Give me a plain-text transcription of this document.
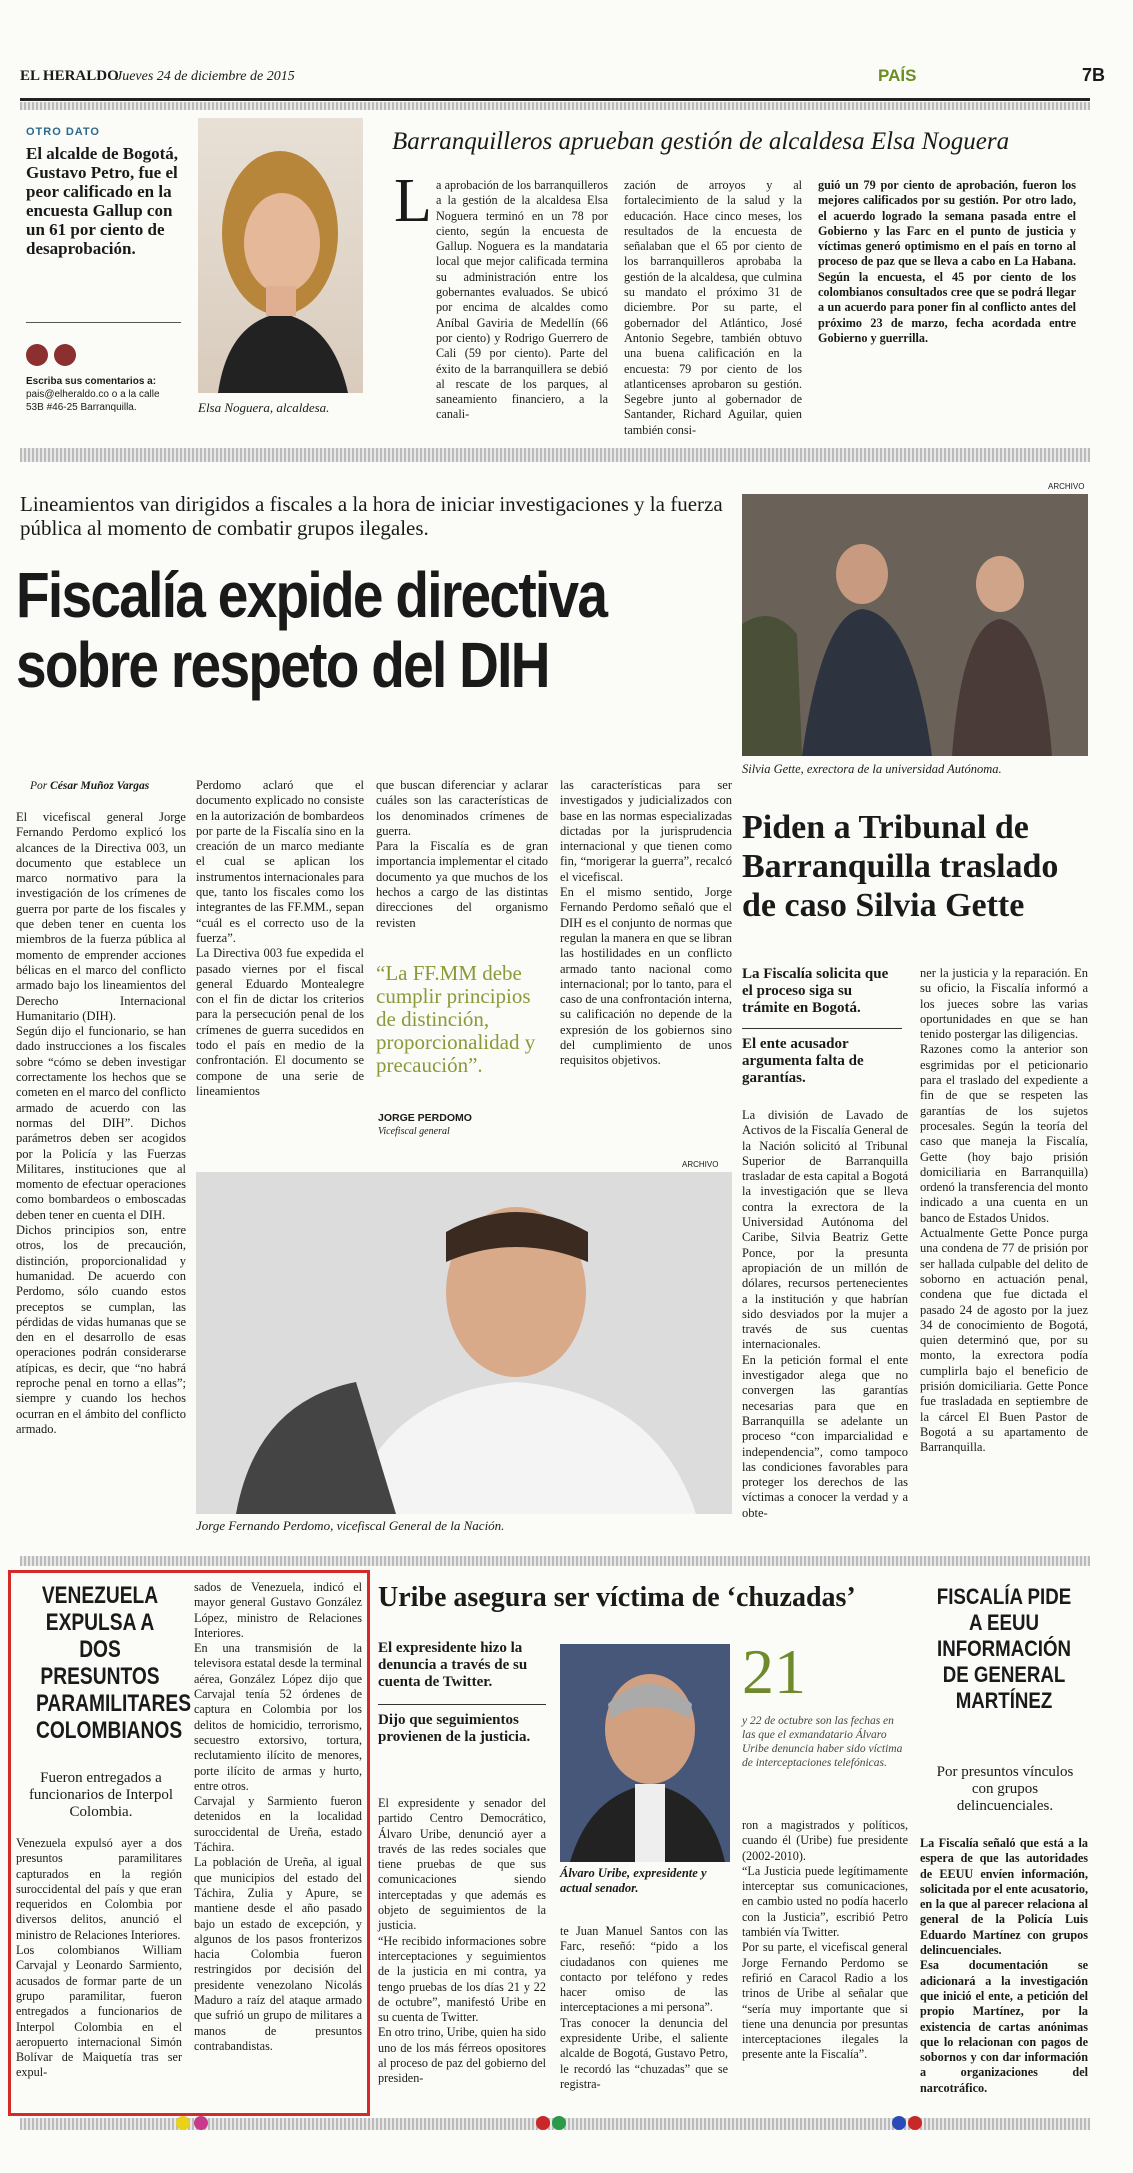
EL HERALDO
Jueves 24 de diciembre de 2015	PAÍS	7B
OTRO DATO
El alcalde de Bogotá, Gustavo Petro, fue el peor calificado en la encuesta Gallup con un 61 por ciento de desaprobación.
Escriba sus comentarios a:
pais@elheraldo.co o a la calle
53B #46-25 Barranquilla.	Elsa Noguera, alcaldesa.
Barranquilleros aprueban gestión de alcaldesa Elsa Noguera
L a aprobación de los barranquilleros a la gestión de la alcaldesa Elsa Noguera terminó en un 78 por ciento, según la encuesta de Gallup. Noguera es la mandataria local que mejor calificada termina su administración entre los gobernantes evaluados. Se ubicó por encima de alcaldes como Aníbal Gaviria de Medellín (66 por ciento) y Rodrigo Guerrero de Cali (59 por ciento). Parte del éxito de la barranquillera se debió al rescate de los parques, al saneamiento financiero, a la canali-
zación de arroyos y al fortalecimiento de la salud y la educación. Hace cinco meses, los resultados de la encuesta de señalaban que el 65 por ciento de los barranquilleros aprobaba la gestión de la alcaldesa, que culmina su mandato el próximo 31 de diciembre. Por su parte, el gobernador del Atlántico, José Antonio Segebre, también obtuvo una buena calificación en la encuesta: 79 por ciento de los atlanticenses aprobaron su gestión. Segebre junto al gobernador de Santander, Richard Aguilar, quien también consi-
guió un 79 por ciento de aprobación, fueron los mejores calificados por su gestión. Por otro lado, el acuerdo logrado la semana pasada entre el Gobierno y las Farc en el punto de justicia y víctimas generó optimismo en el país en torno al proceso de paz que se lleva a cabo en La Habana. Según la encuesta, el 45 por ciento de los colombianos consultados cree que se podrá llegar a un acuerdo para poner fin al conflicto antes del próximo 23 de marzo, fecha acordada entre Gobierno y guerrilla.
Lineamientos van dirigidos a fiscales a la hora de iniciar investigaciones y la fuerza pública al momento de combatir grupos ilegales.
Fiscalía expide directiva sobre respeto del DIH
Por César Muñoz Vargas
El vicefiscal general Jorge Fernando Perdomo explicó los alcances de la Directiva 003, un documento que establece un marco normativo para la investigación de los crímenes de guerra por parte de los fiscales y que deben tener en cuenta los miembros de la fuerza pública al momento de emprender acciones bélicas en el marco del conflicto armado bajo los lineamientos del Derecho Internacional Humanitario (DIH).
Según dijo el funcionario, se han dado instrucciones a los fiscales sobre “cómo se deben investigar correctamente los hechos que se cometen en el marco del conflicto armado de acuerdo con las normas del DIH”. Dichos parámetros deben ser acogidos por la Policía y las Fuerzas Militares, instituciones que al momento de efectuar operaciones como bombardeos o emboscadas deben tener en cuenta el DIH.
Dichos principios son, entre otros, los de precaución, distinción, proporcionalidad y humanidad. De acuerdo con Perdomo, sólo cuando estos preceptos se cumplan, las pérdidas de vidas humanas que se den en el desarrollo de esas operaciones podrán considerarse atípicas, es decir, que “no habrá reproche penal en torno a ellas”; siempre y cuando los hechos ocurran en el ámbito del conflicto armado.
Perdomo aclaró que el documento explicado no consiste en la autorización de bombardeos por parte de la Fiscalía sino en la creación de un marco mediante el cual se aplican los instrumentos internacionales para que, tanto los fiscales como los integrantes de las FF.MM., sepan “cuál es el correcto uso de la fuerza”.
La Directiva 003 fue expedida el pasado viernes por el fiscal general Eduardo Montealegre con el fin de dictar los criterios para la persecución penal de los crímenes de guerra sucedidos en todo el país en medio de la confrontación. El documento se compone de una serie de lineamientos
que buscan diferenciar y aclarar cuáles son las características de los denominados crímenes de guerra.
Para la Fiscalía es de gran importancia implementar el citado documento ya que muchos de los hechos a cargo de las distintas direcciones del organismo revisten
las características para ser investigados y judicializados con base en las normas especializadas dictadas por la jurisprudencia internacional y que tienen como fin, “morigerar la guerra”, recalcó el vicefiscal.
En el mismo sentido, Jorge Fernando Perdomo señaló que el DIH es el conjunto de normas que regulan la manera en que se libran las hostilidades en un conflicto armado tanto nacional como internacional; por lo tanto, para el caso de una confrontación interna, su calificación no depende de la expresión de los gobiernos sino del cumplimiento de unos requisitos objetivos.
“La FF.MM debe cumplir principios de distinción, proporcionalidad y precaución”.
JORGE PERDOMO
Vicefiscal general
ARCHIVO
Jorge Fernando Perdomo, vicefiscal General de la Nación.
ARCHIVO
Silvia Gette, exrectora de la universidad Autónoma.
Piden a Tribunal de Barranquilla traslado de caso Silvia Gette
La Fiscalía solicita que el proceso siga su trámite en Bogotá.
El ente acusador argumenta falta de garantías.
La división de Lavado de Activos de la Fiscalía General de la Nación solicitó al Tribunal Superior de Barranquilla trasladar de esta capital a Bogotá la investigación que se lleva contra la exrectora de la Universidad Autónoma del Caribe, Silvia Beatriz Gette Ponce, por la presunta apropiación de un millón de dólares, recursos pertenecientes a la institución y que habrían sido desviados por la mujer a través de sus cuentas internacionales.
En la petición formal el ente investigador alega que no convergen las garantías necesarias para que en Barranquilla se adelante un proceso “con imparcialidad e independencia”, como tampoco las condiciones favorables para proteger los derechos de las víctimas a conocer la verdad y a obte-
ner la justicia y la reparación. En su oficio, la Fiscalía informó a los jueces sobre las varias oportunidades en que se han tenido postergar las diligencias.
Razones como la anterior son esgrimidas por el peticionario para el traslado del expediente a fin de que se respeten las garantías de los sujetos procesales. Según la teoría del caso que maneja la Fiscalía, Gette (hoy bajo prisión domiciliaria en Barranquilla) ordenó la transferencia del monto indicado a una cuenta en un banco de Estados Unidos.
Actualmente Gette Ponce purga una condena de 77 de prisión por ser hallada culpable del delito de soborno en actuación penal, condena que fue dictada el pasado 24 de agosto por la juez 34 de conocimiento de Bogotá, quien determinó que, por su monto, la exrectora podía cumplirla bajo el beneficio de prisión domiciliaria. Gette Ponce fue trasladada en septiembre de la cárcel El Buen Pastor de Bogotá a su apartamento de Barranquilla.
VENEZUELA EXPULSA A DOS PRESUNTOS PARAMILITARES COLOMBIANOS
Fueron entregados a funcionarios de Interpol Colombia.
Venezuela expulsó ayer a dos presuntos paramilitares capturados en la región suroccidental del país y que eran requeridos en Colombia por diversos delitos, anunció el ministro de Relaciones Interiores.
Los colombianos William Carvajal y Leonardo Sarmiento, acusados de formar parte de un grupo paramilitar, fueron entregados a funcionarios de Interpol Colombia en el aeropuerto internacional Simón Bolívar de Maiquetía tras ser expul-
sados de Venezuela, indicó el mayor general Gustavo González López, ministro de Relaciones Interiores.
En una transmisión de la televisora estatal desde la terminal aérea, González López dijo que Carvajal tenía 52 órdenes de captura en Colombia por los delitos de homicidio, terrorismo, secuestro extorsivo, tortura, reclutamiento ilícito de menores, porte ilícito de armas y hurto, entre otros.
Carvajal y Sarmiento fueron detenidos en la localidad suroccidental de Ureña, estado Táchira.
La población de Ureña, al igual que municipios del estado del Táchira, Zulia y Apure, se mantiene desde el año pasado bajo un estado de excepción, y algunos de los pasos fronterizos hacia Colombia fueron restringidos por decisión del presidente venezolano Nicolás Maduro a raíz del ataque armado que sufrió un grupo de militares a manos de presuntos contrabandistas.
Uribe asegura ser víctima de ‘chuzadas’
El expresidente hizo la denuncia a través de su cuenta de Twitter.
Dijo que seguimientos provienen de la justicia.
El expresidente y senador del partido Centro Democrático, Álvaro Uribe, denunció ayer a través de las redes sociales que tiene pruebas de que sus comunicaciones siendo interceptadas y que además es objeto de seguimientos de la justicia.
“He recibido informaciones sobre interceptaciones y seguimientos de la justicia en mi contra, ya tengo pruebas de los días 21 y 22 de octubre”, manifestó Uribe en su cuenta de Twitter.
En otro trino, Uribe, quien ha sido uno de los más férreos opositores al proceso de paz del gobierno del presiden-
Álvaro Uribe, expresidente y actual senador.
te Juan Manuel Santos con las Farc, reseñó: “pido a los ciudadanos con quienes me contacto por teléfono y redes hacer omiso de las interceptaciones a mi persona”.
Tras conocer la denuncia del expresidente Uribe, el saliente alcalde de Bogotá, Gustavo Petro, le recordó las “chuzadas” que se registra-
21
y 22 de octubre son las fechas en las que el exmandatario Álvaro Uribe denuncia haber sido víctima de interceptaciones telefónicas.
ron a magistrados y políticos, cuando él (Uribe) fue presidente (2002-2010).
“La Justicia puede legítimamente interceptar sus comunicaciones, en cambio usted no podía hacerlo con la Justicia”, escribió Petro también vía Twitter.
Por su parte, el vicefiscal general Jorge Fernando Perdomo se refirió en Caracol Radio a los trinos de Uribe al señalar que “sería muy importante que si tiene una denuncia por presuntas interceptaciones ilegales la presente ante la Fiscalía”.
FISCALÍA PIDE A EEUU INFORMACIÓN DE GENERAL MARTÍNEZ
Por presuntos vínculos con grupos delincuenciales.
La Fiscalía señaló que está a la espera de que las autoridades de EEUU envíen información, solicitada por el ente acusatorio, en la que al parecer relaciona al general de la Policía Luis Eduardo Martínez con grupos delincuenciales.
Esa documentación se adicionará a la investigación que inició el ente, a petición del propio Martínez, por la existencia de cartas anónimas que lo relacionan con pagos de sobornos y con dar información a organizaciones del narcotráfico.
